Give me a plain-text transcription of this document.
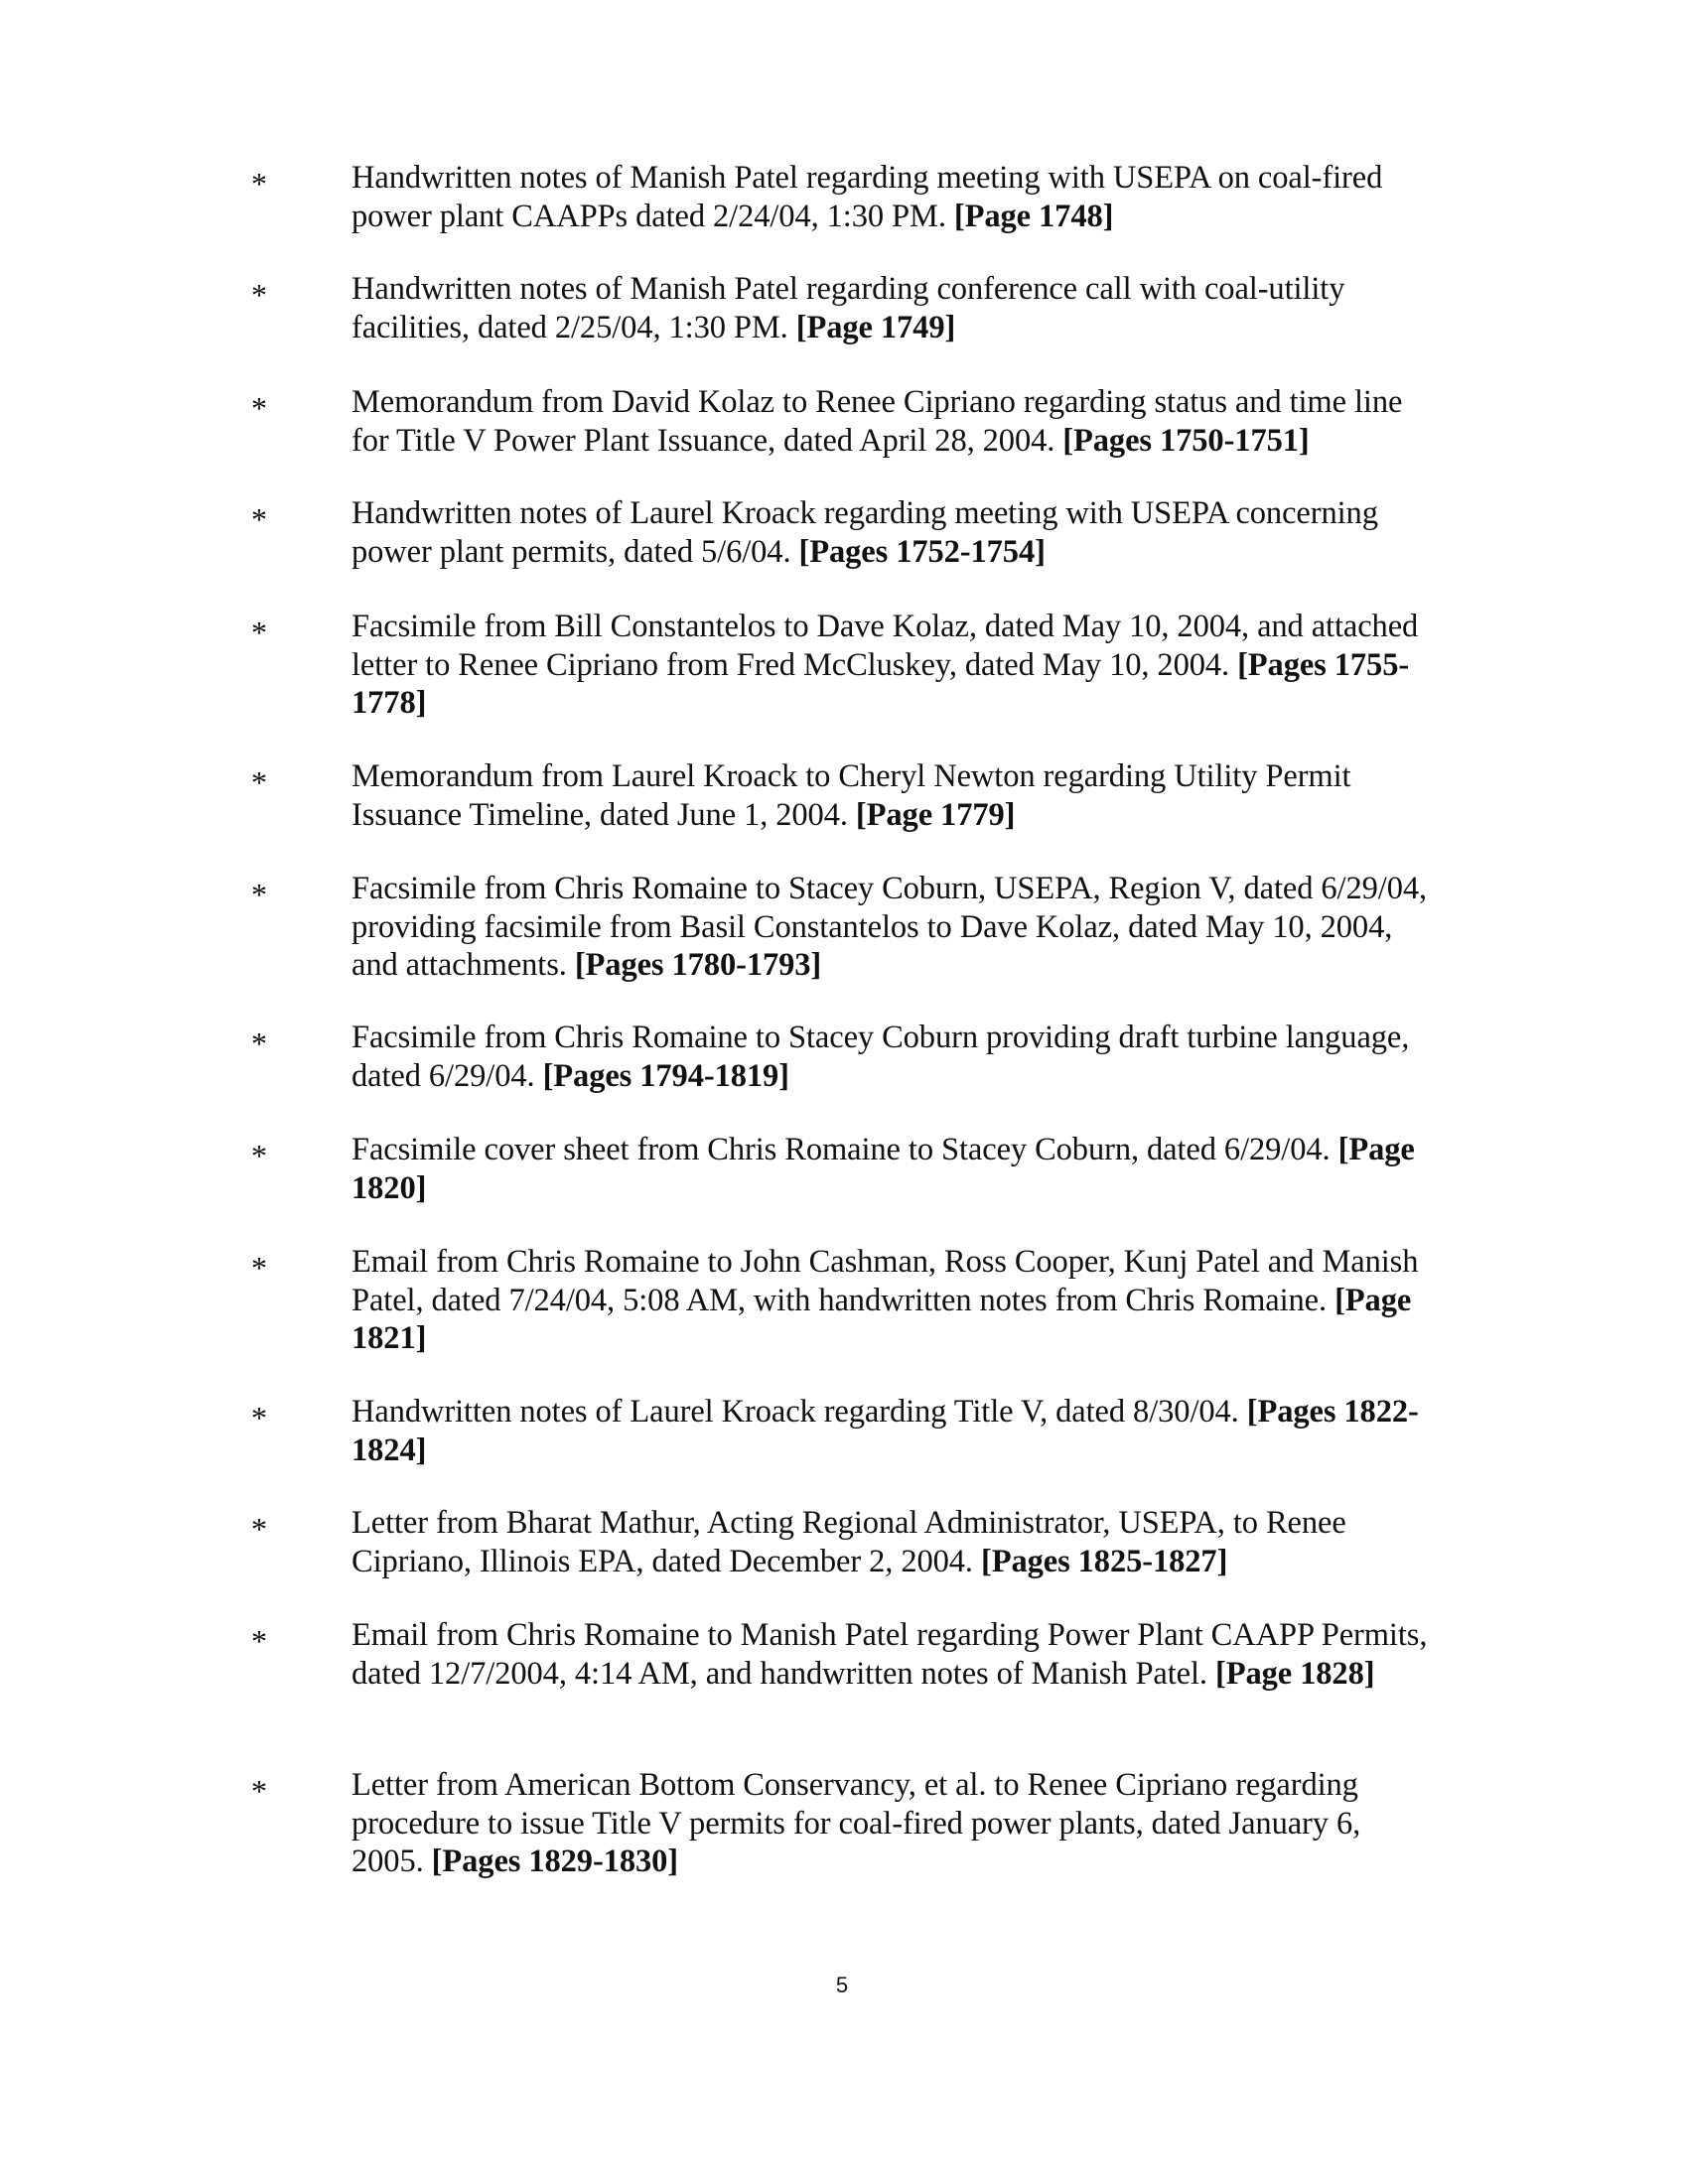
*	Handwritten notes of Manish Patel regarding meeting with USEPA on coal-fired power plant CAAPPs dated 2/24/04, 1:30 PM. [Page 1748]
*	Handwritten notes of Manish Patel regarding conference call with coal-utility facilities, dated 2/25/04, 1:30 PM. [Page 1749]
*	Memorandum from David Kolaz to Renee Cipriano regarding status and time line for Title V Power Plant Issuance, dated April 28, 2004. [Pages 1750-1751]
*	Handwritten notes of Laurel Kroack regarding meeting with USEPA concerning power plant permits, dated 5/6/04. [Pages 1752-1754]
*	Facsimile from Bill Constantelos to Dave Kolaz, dated May 10, 2004, and attached letter to Renee Cipriano from Fred McCluskey, dated May 10, 2004. [Pages 1755-1778]
*	Memorandum from Laurel Kroack to Cheryl Newton regarding Utility Permit Issuance Timeline, dated June 1, 2004. [Page 1779]
*	Facsimile from Chris Romaine to Stacey Coburn, USEPA, Region V, dated 6/29/04, providing facsimile from Basil Constantelos to Dave Kolaz, dated May 10, 2004, and attachments. [Pages 1780-1793]
*	Facsimile from Chris Romaine to Stacey Coburn providing draft turbine language, dated 6/29/04. [Pages 1794-1819]
*	Facsimile cover sheet from Chris Romaine to Stacey Coburn, dated 6/29/04. [Page 1820]
*	Email from Chris Romaine to John Cashman, Ross Cooper, Kunj Patel and Manish Patel, dated 7/24/04, 5:08 AM, with handwritten notes from Chris Romaine. [Page 1821]
*	Handwritten notes of Laurel Kroack regarding Title V, dated 8/30/04. [Pages 1822-1824]
*	Letter from Bharat Mathur, Acting Regional Administrator, USEPA, to Renee Cipriano, Illinois EPA, dated December 2, 2004. [Pages 1825-1827]
*	Email from Chris Romaine to Manish Patel regarding Power Plant CAAPP Permits, dated 12/7/2004, 4:14 AM, and handwritten notes of Manish Patel. [Page 1828]
*	Letter from American Bottom Conservancy, et al. to Renee Cipriano regarding procedure to issue Title V permits for coal-fired power plants, dated January 6, 2005. [Pages 1829-1830]
5
